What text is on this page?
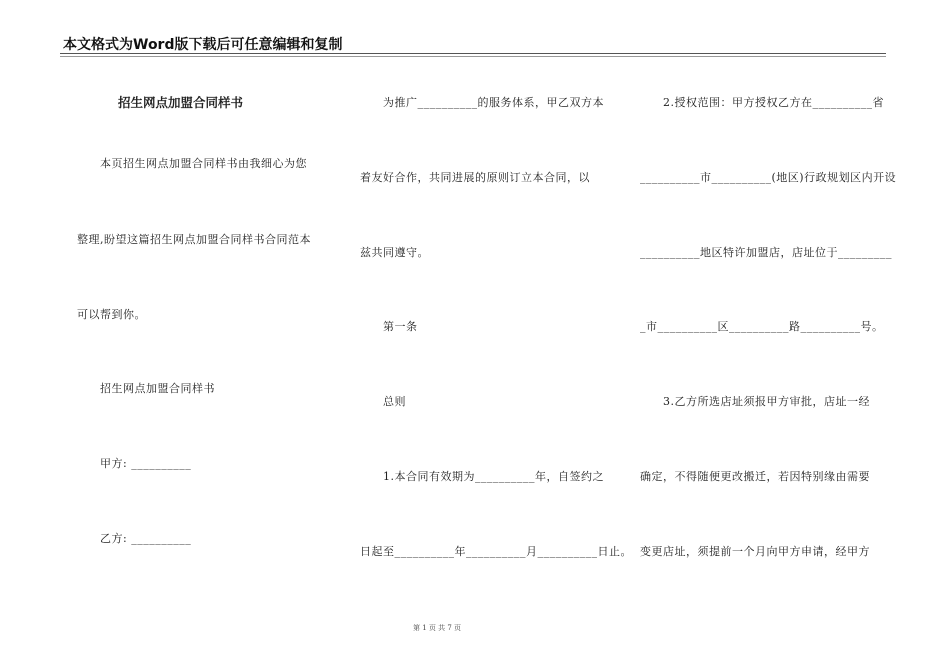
本文格式为Word版下载后可任意编辑和复制
招生网点加盟合同样书
本页招生网点加盟合同样书由我细心为您
整理,盼望这篇招生网点加盟合同样书合同范本
可以帮到你。
招生网点加盟合同样书
甲方: __________
乙方: __________
为推广__________的服务体系，甲乙双方本
着友好合作，共同进展的原则订立本合同，以
兹共同遵守。
第一条
总则
1.本合同有效期为__________年，自签约之
日起至__________年__________月__________日止。
2.授权范围：甲方授权乙方在__________省
__________市__________(地区)行政规划区内开设
__________地区特许加盟店，店址位于_________
_市__________区__________路__________号。
3.乙方所选店址须报甲方审批，店址一经
确定，不得随便更改搬迁，若因特别缘由需要
变更店址，须提前一个月向甲方申请，经甲方
第 1 页 共 7 页
